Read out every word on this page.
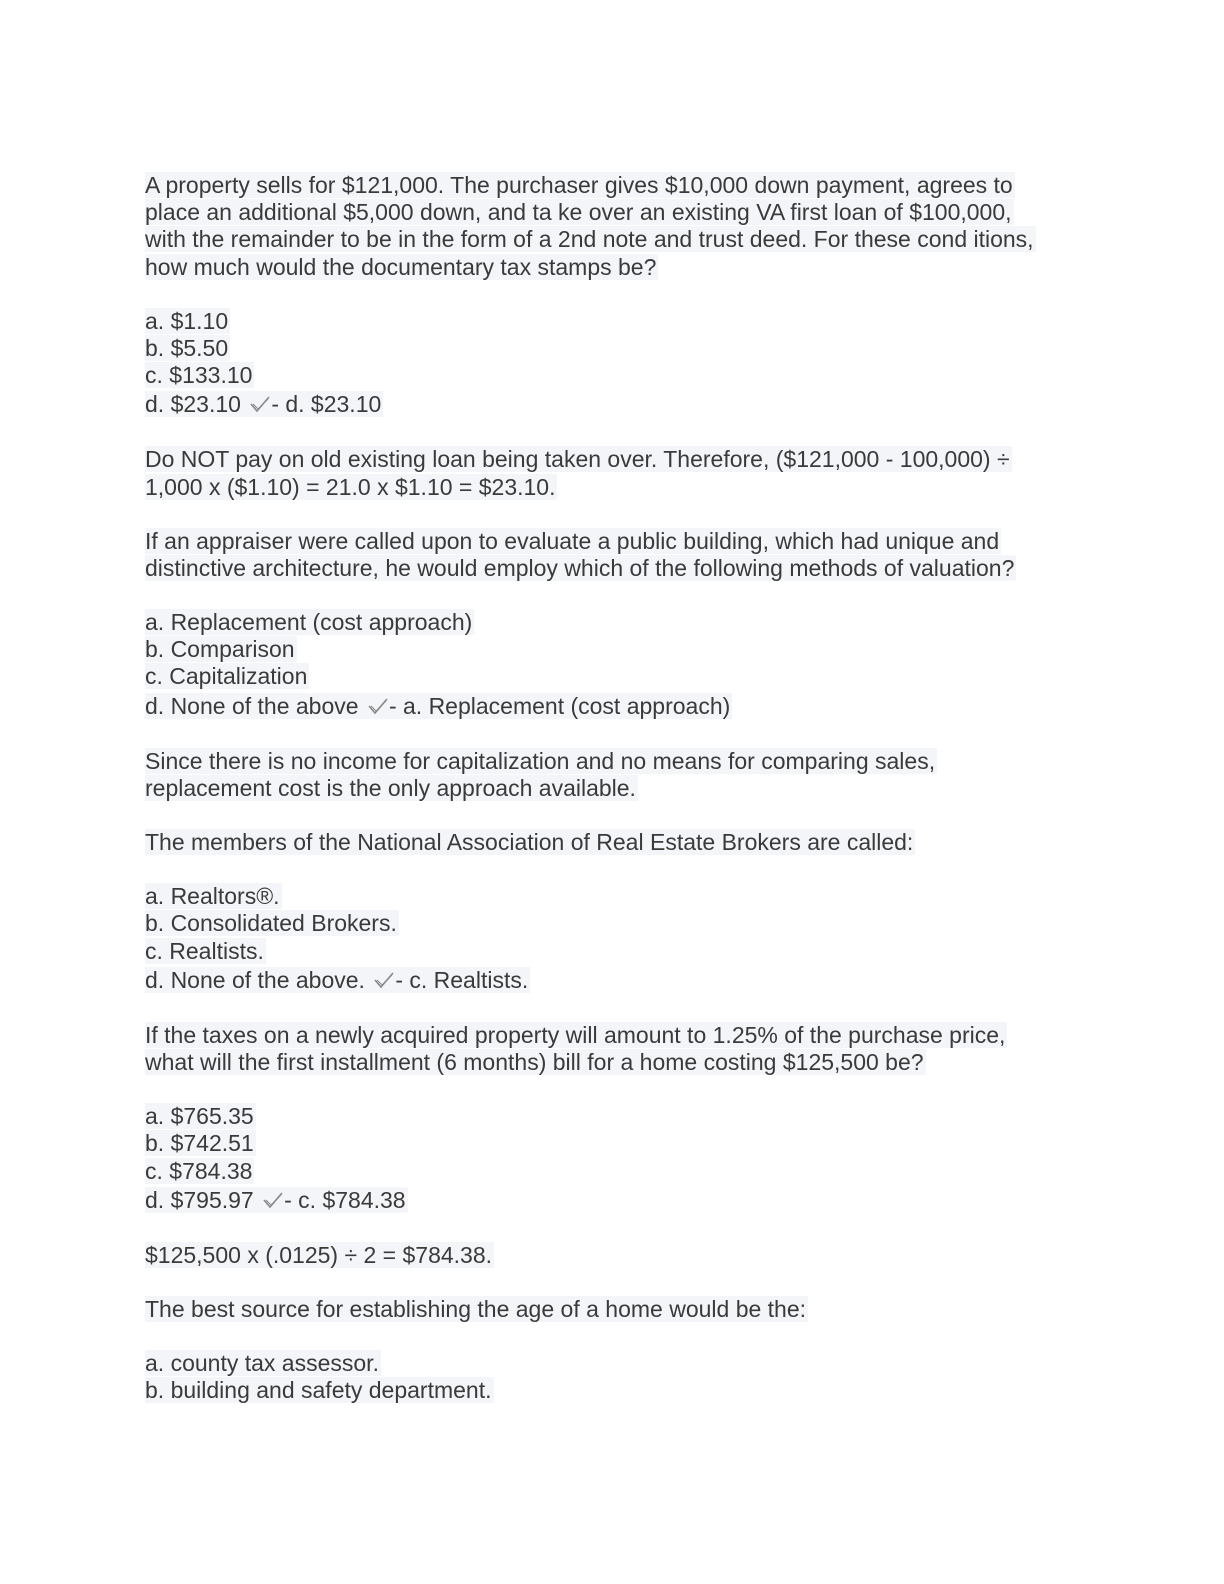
A property sells for $121,000. The purchaser gives $10,000 down payment, agrees to
place an additional $5,000 down, and ta ke over an existing VA first loan of $100,000,
with the remainder to be in the form of a 2nd note and trust deed. For these cond itions,
how much would the documentary tax stamps be?
a. $1.10
b. $5.50
c. $133.10
d. $23.10 - d. $23.10
Do NOT pay on old existing loan being taken over. Therefore, ($121,000 - 100,000) ÷
1,000 x ($1.10) = 21.0 x $1.10 = $23.10.
If an appraiser were called upon to evaluate a public building, which had unique and
distinctive architecture, he would employ which of the following methods of valuation?
a. Replacement (cost approach)
b. Comparison
c. Capitalization
d. None of the above - a. Replacement (cost approach)
Since there is no income for capitalization and no means for comparing sales,
replacement cost is the only approach available.
The members of the National Association of Real Estate Brokers are called:
a. Realtors®.
b. Consolidated Brokers.
c. Realtists.
d. None of the above. - c. Realtists.
If the taxes on a newly acquired property will amount to 1.25% of the purchase price,
what will the first installment (6 months) bill for a home costing $125,500 be?
a. $765.35
b. $742.51
c. $784.38
d. $795.97 - c. $784.38
$125,500 x (.0125) ÷ 2 = $784.38.
The best source for establishing the age of a home would be the:
a. county tax assessor.
b. building and safety department.
